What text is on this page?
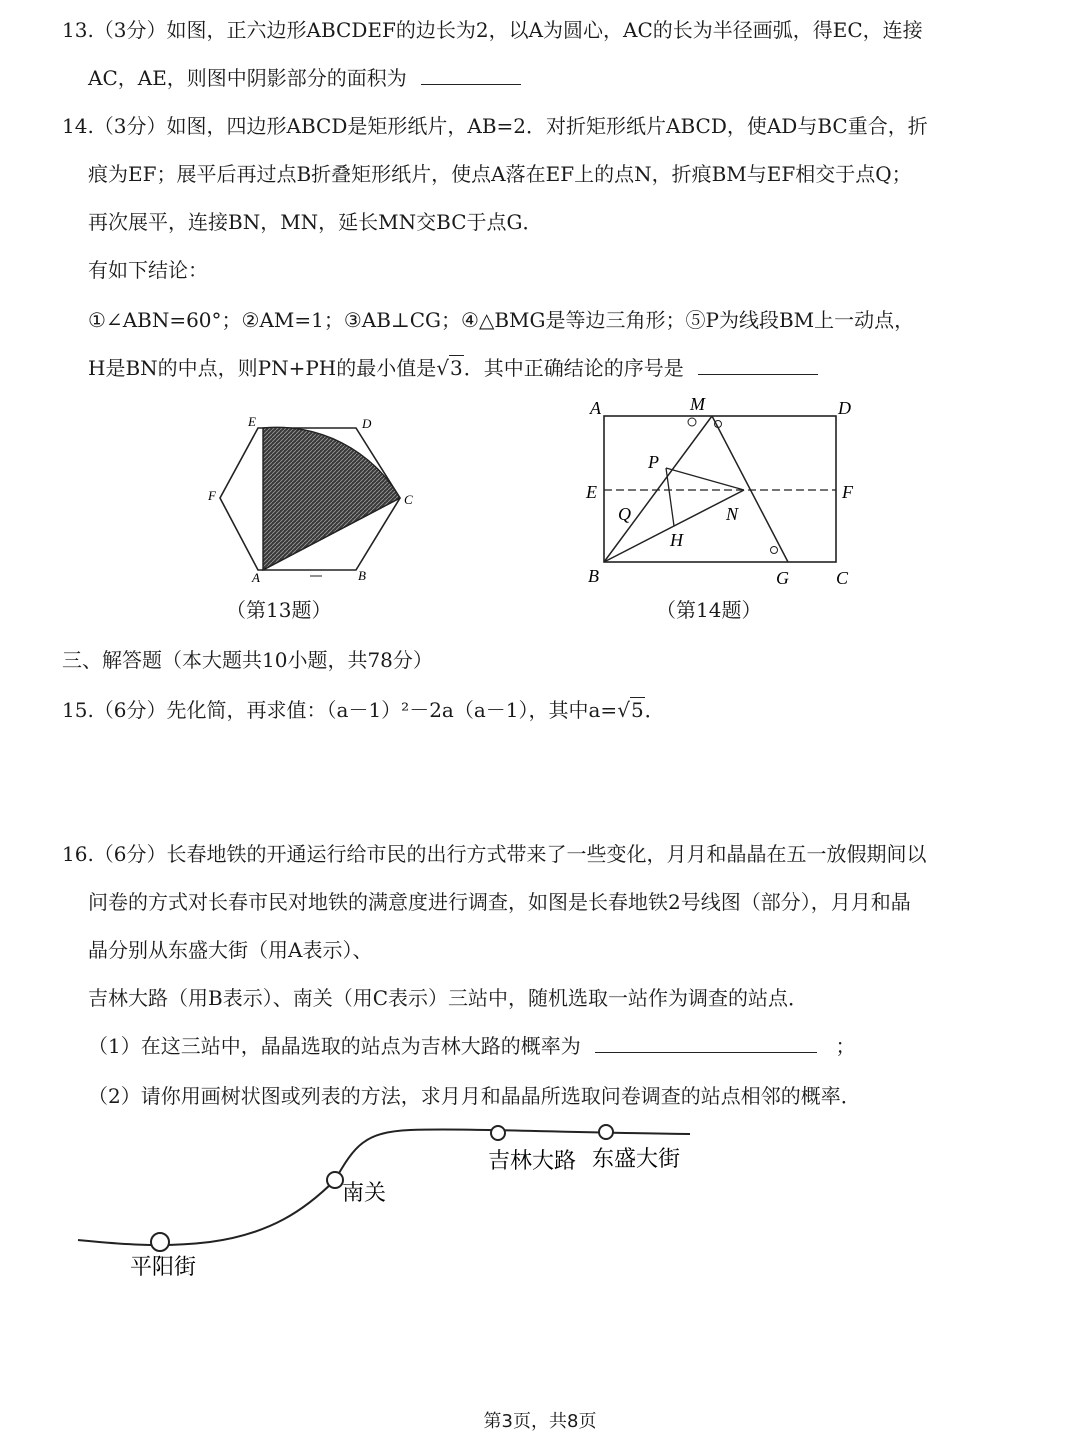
13.（3分）如图，正六边形ABCDEF的边长为2，以A为圆心，AC的长为半径画弧，得EC，连接
AC，AE，则图中阴影部分的面积为
14.（3分）如图，四边形ABCD是矩形纸片，AB=2．对折矩形纸片ABCD，使AD与BC重合，折
痕为EF；展平后再过点B折叠矩形纸片，使点A落在EF上的点N，折痕BM与EF相交于点Q；
再次展平，连接BN，MN，延长MN交BC于点G．
有如下结论：
①∠ABN=60°；②AM=1；③AB⊥CG；④△BMG是等边三角形；⑤P为线段BM上一动点，
H是BN的中点，则PN+PH的最小值是√3．其中正确结论的序号是
E	D
F	C
A	B
（第13题）
A	M	D
P
E	F
Q	N
H
B	G	C
（第14题）
三、解答题（本大题共10小题，共78分）
15.（6分）先化简，再求值：（a－1）²－2a（a－1），其中a=√5．
16.（6分）长春地铁的开通运行给市民的出行方式带来了一些变化，月月和晶晶在五一放假期间以
问卷的方式对长春市民对地铁的满意度进行调查，如图是长春地铁2号线图（部分），月月和晶
晶分别从东盛大街（用A表示）、
吉林大路（用B表示）、南关（用C表示）三站中，随机选取一站作为调查的站点．
（1）在这三站中，晶晶选取的站点为吉林大路的概率为	；
（2）请你用画树状图或列表的方法，求月月和晶晶所选取问卷调查的站点相邻的概率．
平阳街
南关
吉林大路 东盛大街
第3页，共8页
